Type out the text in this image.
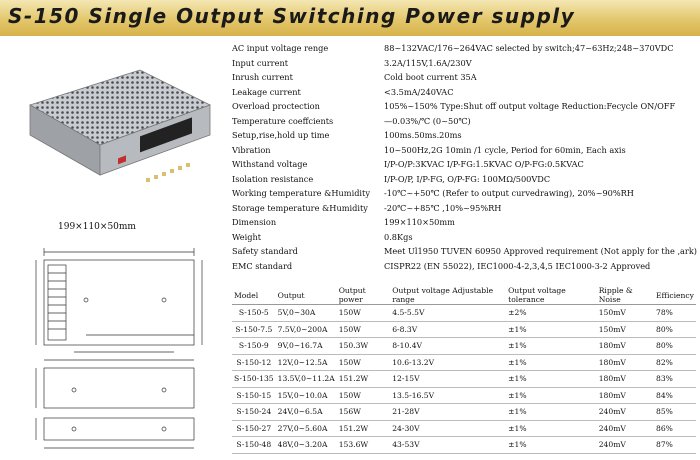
S-150 Single Output Switching Power supply
199×110×50mm
AC input voltage renge	88~132VAC/176~264VAC selected by switch;47~63Hz;248~370VDC
Input current	3.2A/115V,1.6A/230V
Inrush current	Cold boot current 35A
Leakage current	<3.5mA/240VAC
Overload proctection	105%~150% Type:Shut off output voltage Reduction:Fecycle ON/OFF
Temperature coeffcients	—0.03%/℃ (0~50℃)
Setup,rise,hold up time	100ms.50ms.20ms
Vibration	10~500Hz,2G 10min /1 cycle, Period for 60min, Each axis
Withstand voltage	I/P-O/P:3KVAC I/P-FG:1.5KVAC O/P-FG:0.5KVAC
Isolation resistance	I/P-O/P, I/P-FG, O/P-FG: 100MΩ/500VDC
Working temperature &Humidity -10℃~+50℃ (Refer to output curvedrawing), 20%~90%RH
Storage temperature &Humidity -20℃~+85℃ ,10%~95%RH
Dimension	199×110×50mm
Weight	0.8Kgs
Safety standard	Meet Ul1950 TUVEN 60950 Approved requirement (Not apply for the ,ark)
EMC standard	CISPR22 (EN 55022), IEC1000-4-2,3,4,5 IEC1000-3-2 Approved
Model	Output	Output power	Output voltage Adjustable range	Output voltage tolerance	Ripple & Noise	Efficiency
S-150-5	5V,0~30A	150W	4.5-5.5V	±2%	150mV	78%
S-150-7.5	7.5V,0~200A	150W	6-8.3V	±1%	150mV	80%
S-150-9	9V,0~16.7A	150.3W	8-10.4V	±1%	180mV	80%
S-150-12	12V,0~12.5A	150W	10.6-13.2V	±1%	180mV	82%
S-150-135	13.5V,0~11.2A	151.2W	12-15V	±1%	180mV	83%
S-150-15	15V,0~10.0A	150W	13.5-16.5V	±1%	180mV	84%
S-150-24	24V,0~6.5A	156W	21-28V	±1%	240mV	85%
S-150-27	27V,0~5.60A	151.2W	24-30V	±1%	240mV	86%
S-150-48	48V,0~3.20A	153.6W	43-53V	±1%	240mV	87%
